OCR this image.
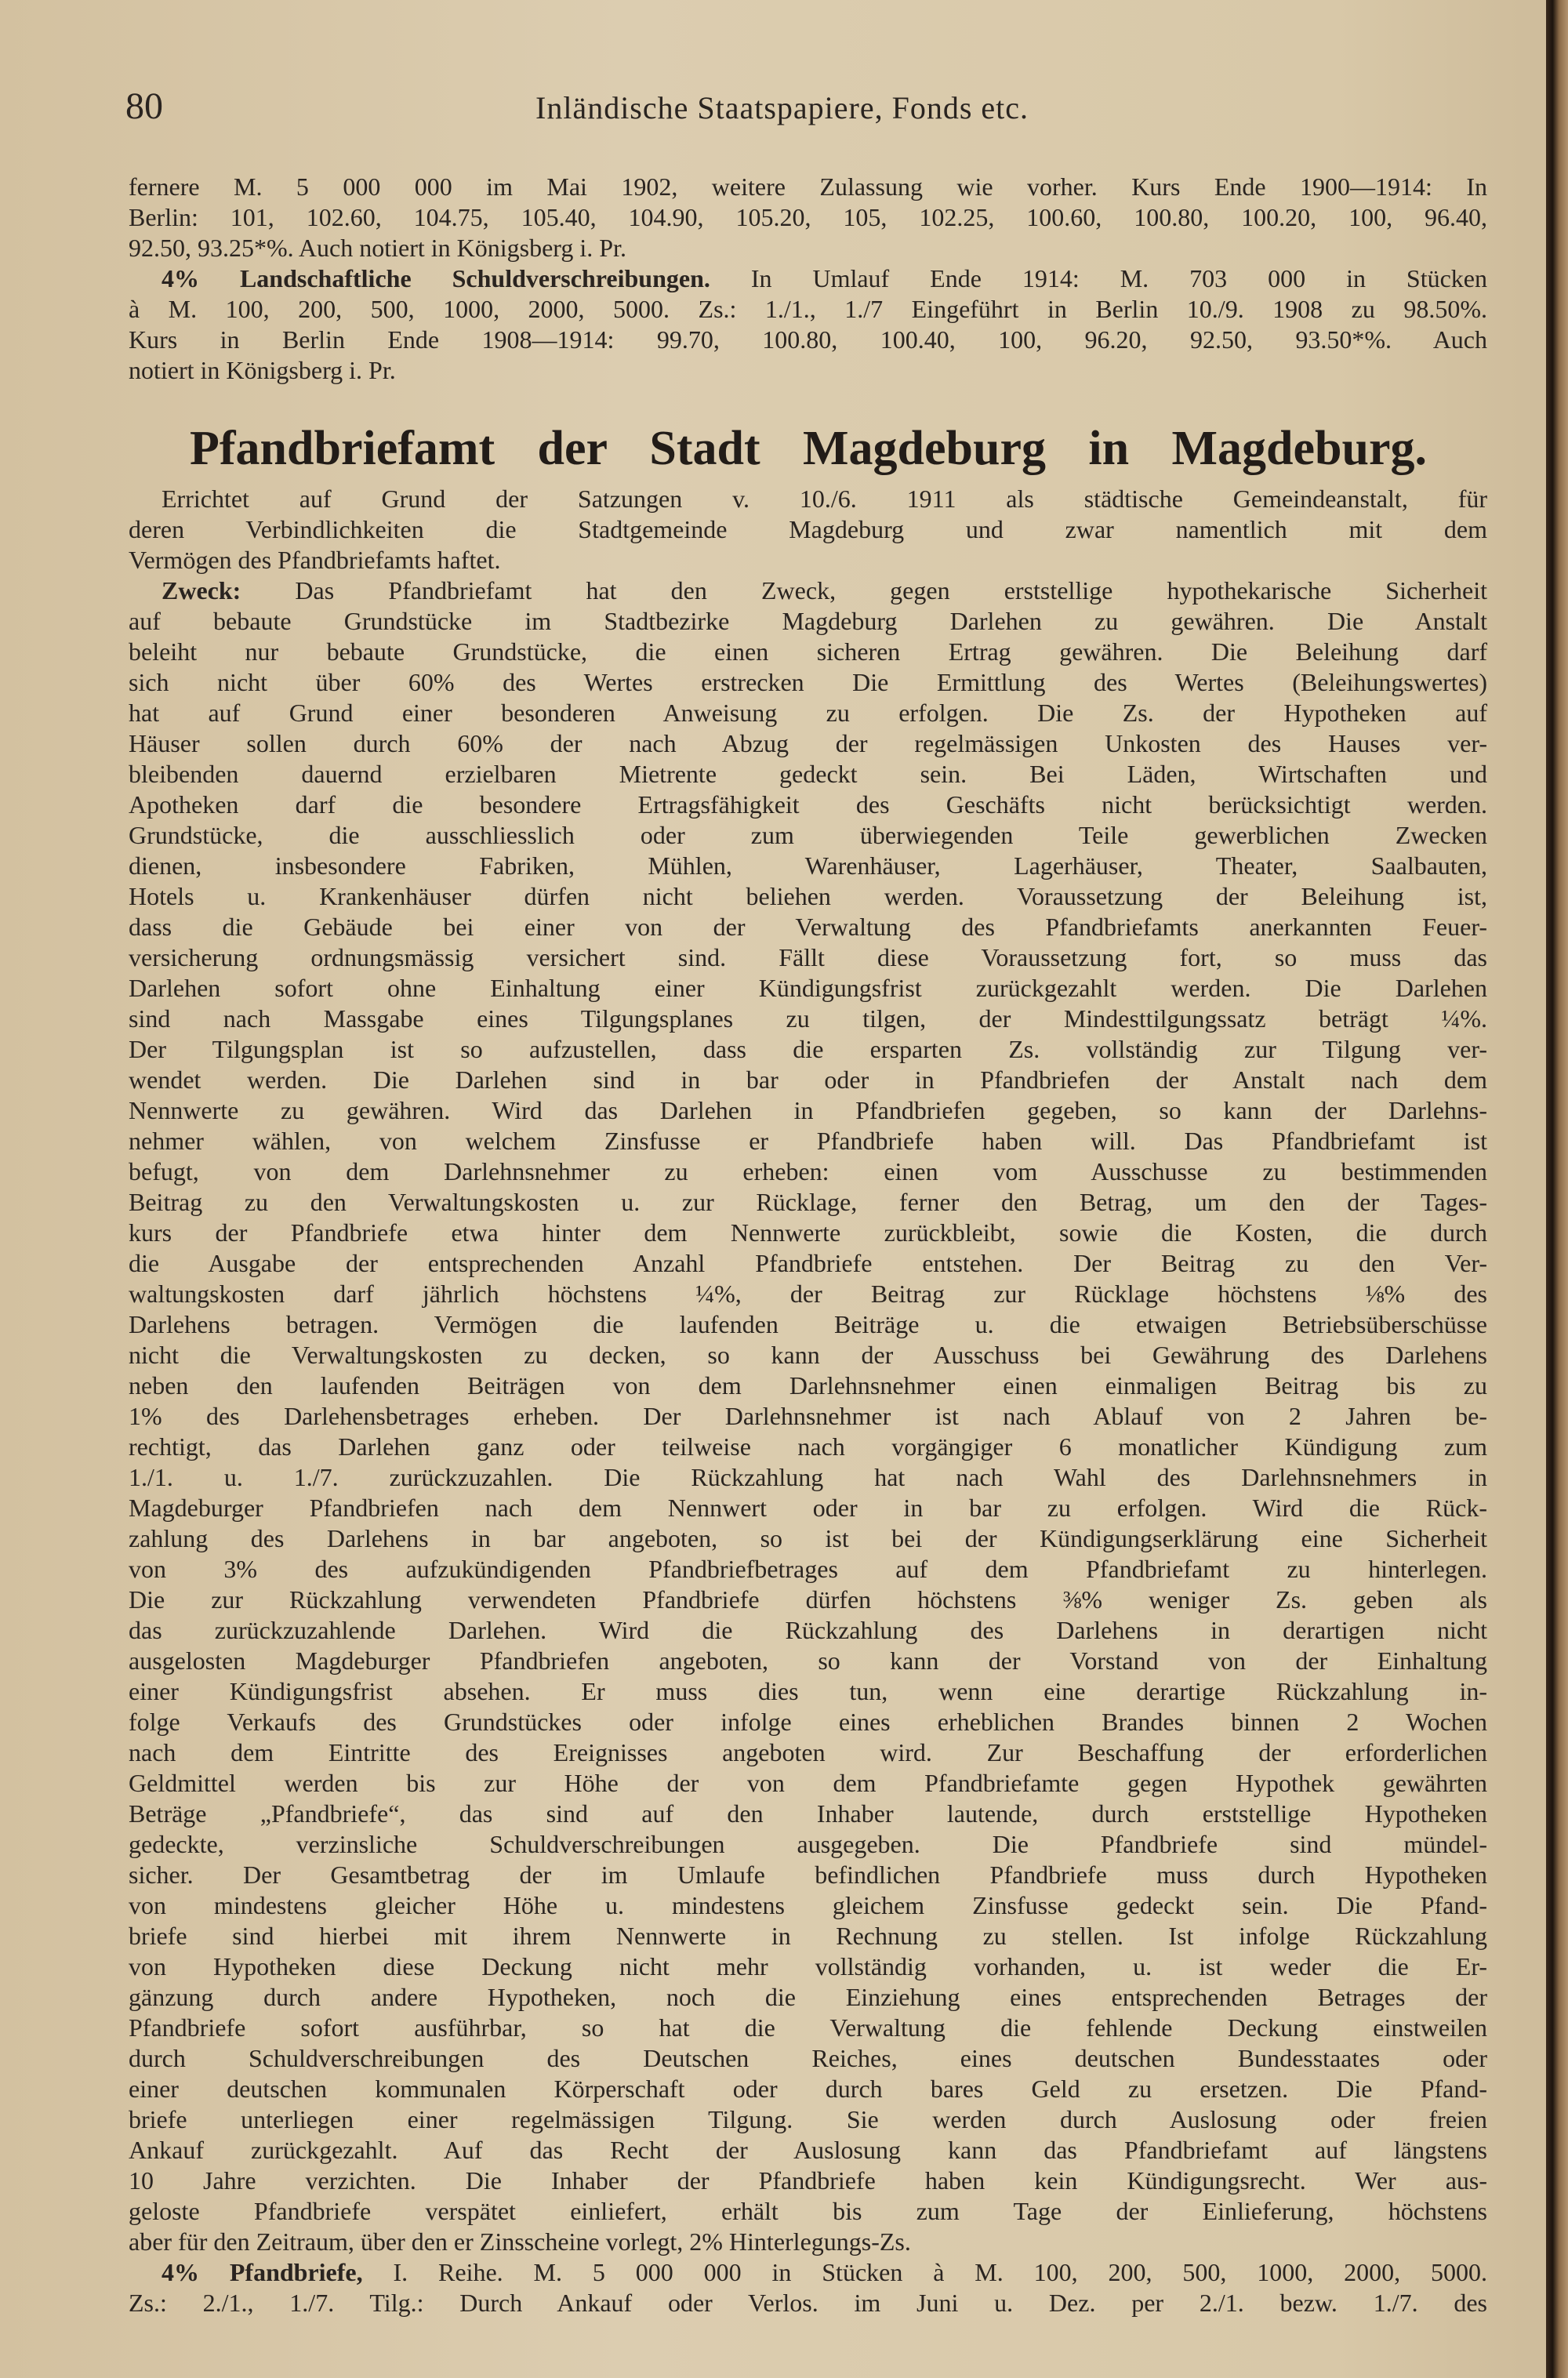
80	Inländische Staatspapiere, Fonds etc.
fernere M. 5 000 000 im Mai 1902, weitere Zulassung wie vorher. Kurs Ende 1900—1914: In
Berlin: 101, 102.60, 104.75, 105.40, 104.90, 105.20, 105, 102.25, 100.60, 100.80, 100.20, 100, 96.40,
92.50, 93.25*%. Auch notiert in Königsberg i. Pr.
4% Landschaftliche Schuldverschreibungen. In Umlauf Ende 1914: M. 703 000 in Stücken
à M. 100, 200, 500, 1000, 2000, 5000. Zs.: 1./1., 1./7 Eingeführt in Berlin 10./9. 1908 zu 98.50%.
Kurs in Berlin Ende 1908—1914: 99.70, 100.80, 100.40, 100, 96.20, 92.50, 93.50*%. Auch
notiert in Königsberg i. Pr.
Pfandbriefamt der Stadt Magdeburg in Magdeburg.
Errichtet auf Grund der Satzungen v. 10./6. 1911 als städtische Gemeindeanstalt, für
deren Verbindlichkeiten die Stadtgemeinde Magdeburg und zwar namentlich mit dem
Vermögen des Pfandbriefamts haftet.
Zweck: Das Pfandbriefamt hat den Zweck, gegen erststellige hypothekarische Sicherheit
auf bebaute Grundstücke im Stadtbezirke Magdeburg Darlehen zu gewähren. Die Anstalt
beleiht nur bebaute Grundstücke, die einen sicheren Ertrag gewähren. Die Beleihung darf
sich nicht über 60% des Wertes erstrecken Die Ermittlung des Wertes (Beleihungswertes)
hat auf Grund einer besonderen Anweisung zu erfolgen. Die Zs. der Hypotheken auf
Häuser sollen durch 60% der nach Abzug der regelmässigen Unkosten des Hauses ver-
bleibenden dauernd erzielbaren Mietrente gedeckt sein. Bei Läden, Wirtschaften und
Apotheken darf die besondere Ertragsfähigkeit des Geschäfts nicht berücksichtigt werden.
Grundstücke, die ausschliesslich oder zum überwiegenden Teile gewerblichen Zwecken
dienen, insbesondere Fabriken, Mühlen, Warenhäuser, Lagerhäuser, Theater, Saalbauten,
Hotels u. Krankenhäuser dürfen nicht beliehen werden. Voraussetzung der Beleihung ist,
dass die Gebäude bei einer von der Verwaltung des Pfandbriefamts anerkannten Feuer-
versicherung ordnungsmässig versichert sind. Fällt diese Voraussetzung fort, so muss das
Darlehen sofort ohne Einhaltung einer Kündigungsfrist zurückgezahlt werden. Die Darlehen
sind nach Massgabe eines Tilgungsplanes zu tilgen, der Mindesttilgungssatz beträgt ¼%.
Der Tilgungsplan ist so aufzustellen, dass die ersparten Zs. vollständig zur Tilgung ver-
wendet werden. Die Darlehen sind in bar oder in Pfandbriefen der Anstalt nach dem
Nennwerte zu gewähren. Wird das Darlehen in Pfandbriefen gegeben, so kann der Darlehns-
nehmer wählen, von welchem Zinsfusse er Pfandbriefe haben will. Das Pfandbriefamt ist
befugt, von dem Darlehnsnehmer zu erheben: einen vom Ausschusse zu bestimmenden
Beitrag zu den Verwaltungskosten u. zur Rücklage, ferner den Betrag, um den der Tages-
kurs der Pfandbriefe etwa hinter dem Nennwerte zurückbleibt, sowie die Kosten, die durch
die Ausgabe der entsprechenden Anzahl Pfandbriefe entstehen. Der Beitrag zu den Ver-
waltungskosten darf jährlich höchstens ¼%, der Beitrag zur Rücklage höchstens ⅛% des
Darlehens betragen. Vermögen die laufenden Beiträge u. die etwaigen Betriebsüberschüsse
nicht die Verwaltungskosten zu decken, so kann der Ausschuss bei Gewährung des Darlehens
neben den laufenden Beiträgen von dem Darlehnsnehmer einen einmaligen Beitrag bis zu
1% des Darlehensbetrages erheben. Der Darlehnsnehmer ist nach Ablauf von 2 Jahren be-
rechtigt, das Darlehen ganz oder teilweise nach vorgängiger 6 monatlicher Kündigung zum
1./1. u. 1./7. zurückzuzahlen. Die Rückzahlung hat nach Wahl des Darlehnsnehmers in
Magdeburger Pfandbriefen nach dem Nennwert oder in bar zu erfolgen. Wird die Rück-
zahlung des Darlehens in bar angeboten, so ist bei der Kündigungserklärung eine Sicherheit
von 3% des aufzukündigenden Pfandbriefbetrages auf dem Pfandbriefamt zu hinterlegen.
Die zur Rückzahlung verwendeten Pfandbriefe dürfen höchstens ⅜% weniger Zs. geben als
das zurückzuzahlende Darlehen. Wird die Rückzahlung des Darlehens in derartigen nicht
ausgelosten Magdeburger Pfandbriefen angeboten, so kann der Vorstand von der Einhaltung
einer Kündigungsfrist absehen. Er muss dies tun, wenn eine derartige Rückzahlung in-
folge Verkaufs des Grundstückes oder infolge eines erheblichen Brandes binnen 2 Wochen
nach dem Eintritte des Ereignisses angeboten wird. Zur Beschaffung der erforderlichen
Geldmittel werden bis zur Höhe der von dem Pfandbriefamte gegen Hypothek gewährten
Beträge „Pfandbriefe“, das sind auf den Inhaber lautende, durch erststellige Hypotheken
gedeckte, verzinsliche Schuldverschreibungen ausgegeben. Die Pfandbriefe sind mündel-
sicher. Der Gesamtbetrag der im Umlaufe befindlichen Pfandbriefe muss durch Hypotheken
von mindestens gleicher Höhe u. mindestens gleichem Zinsfusse gedeckt sein. Die Pfand-
briefe sind hierbei mit ihrem Nennwerte in Rechnung zu stellen. Ist infolge Rückzahlung
von Hypotheken diese Deckung nicht mehr vollständig vorhanden, u. ist weder die Er-
gänzung durch andere Hypotheken, noch die Einziehung eines entsprechenden Betrages der
Pfandbriefe sofort ausführbar, so hat die Verwaltung die fehlende Deckung einstweilen
durch Schuldverschreibungen des Deutschen Reiches, eines deutschen Bundesstaates oder
einer deutschen kommunalen Körperschaft oder durch bares Geld zu ersetzen. Die Pfand-
briefe unterliegen einer regelmässigen Tilgung. Sie werden durch Auslosung oder freien
Ankauf zurückgezahlt. Auf das Recht der Auslosung kann das Pfandbriefamt auf längstens
10 Jahre verzichten. Die Inhaber der Pfandbriefe haben kein Kündigungsrecht. Wer aus-
geloste Pfandbriefe verspätet einliefert, erhält bis zum Tage der Einlieferung, höchstens
aber für den Zeitraum, über den er Zinsscheine vorlegt, 2% Hinterlegungs-Zs.
4% Pfandbriefe, I. Reihe. M. 5 000 000 in Stücken à M. 100, 200, 500, 1000, 2000, 5000.
Zs.: 2./1., 1./7. Tilg.: Durch Ankauf oder Verlos. im Juni u. Dez. per 2./1. bezw. 1./7. des
